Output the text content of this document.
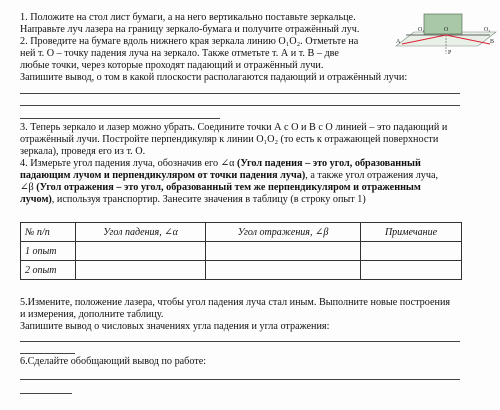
O₁	O	O₂
A	B
P
1. Положите на стол лист бумаги, а на него вертикально поставьте зеркальце.
Направьте луч лазера на границу зеркало-бумага и получите отражённый луч.
2. Проведите на бумаге вдоль нижнего края зеркала линию O₁O₂. Отметьте на
ней т. O – точку падения луча на зеркало. Также отметьте т. А и т. В – две
любые точки, через которые проходят падающий и отражённый лучи.
Запишите вывод, о том в какой плоскости располагаются падающий и отражённый лучи:
3. Теперь зеркало и лазер можно убрать. Соедините точки А с O и В с O линией – это падающий и
отражённый лучи. Постройте перпендикуляр к линии O₁O₂ (то есть к отражающей поверхности
зеркала), проведя его из т. O.
4. Измерьте угол падения луча, обозначив его ∠α (Угол падения – это угол, образованный
падающим лучом и перпендикуляром от точки падения луча), а также угол отражения луча,
∠β (Угол отражения – это угол, образованный тем же перпендикуляром и отраженным
лучом), используя транспортир. Занесите значения в таблицу (в строку опыт 1)
№ п/п	Угол падения, ∠α	Угол отражения, ∠β	Примечание
1 опыт			
2 опыт			
5.Измените, положение лазера, чтобы угол падения луча стал иным. Выполните новые построения
и измерения, дополните таблицу.
Запишите вывод о числовых значениях угла падения и угла отражения:
6.Сделайте обобщающий вывод по работе:
